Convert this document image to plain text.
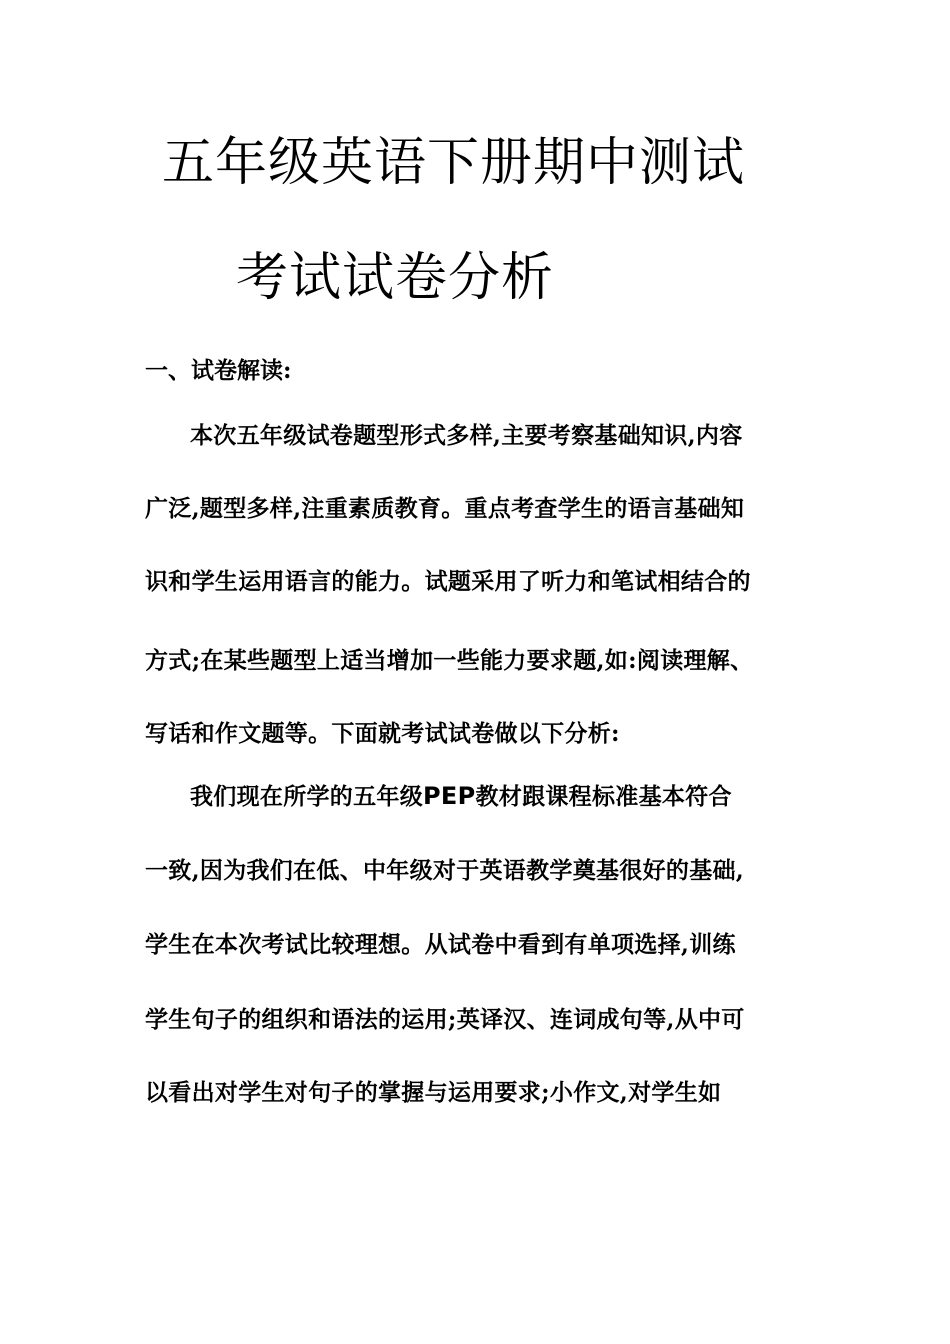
五年级英语下册期中测试
考试试卷分析
一、试卷解读:
本次五年级试卷题型形式多样,主要考察基础知识,内容
广泛,题型多样,注重素质教育。重点考查学生的语言基础知
识和学生运用语言的能力。试题采用了听力和笔试相结合的
方式;在某些题型上适当增加一些能力要求题,如:阅读理解、
写话和作文题等。下面就考试试卷做以下分析:
我们现在所学的五年级PEP教材跟课程标准基本符合
一致,因为我们在低、中年级对于英语教学奠基很好的基础,
学生在本次考试比较理想。从试卷中看到有单项选择,训练
学生句子的组织和语法的运用;英译汉、连词成句等,从中可
以看出对学生对句子的掌握与运用要求;小作文,对学生如
